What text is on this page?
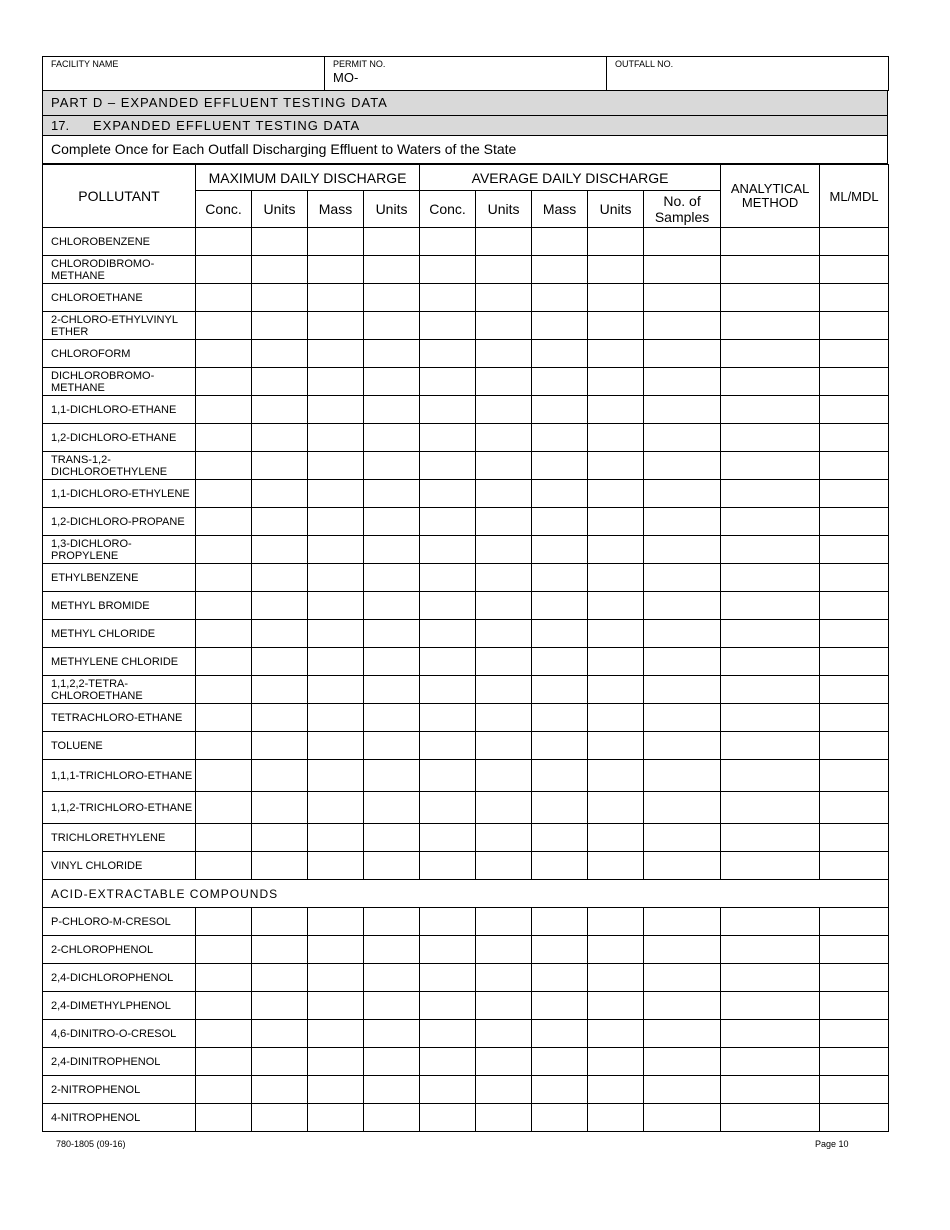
FACILITY NAME	PERMIT NO.
MO-

OUTFALL NO.
PART D – EXPANDED EFFLUENT TESTING DATA
17. EXPANDED EFFLUENT TESTING DATA
Complete Once for Each Outfall Discharging Effluent to Waters of the State
POLLUTANT	MAXIMUM DAILY DISCHARGE				AVERAGE DAILY DISCHARGE					ANALYTICAL METHOD	ML/MDL
	Conc.	Units	Mass	Units	Conc.	Units	Mass	Units	No. of Samples		
CHLOROBENZENE											
CHLORODIBROMO-METHANE											
CHLOROETHANE											
2-CHLORO-ETHYLVINYL ETHER											
CHLOROFORM											
DICHLOROBROMO-METHANE											
1,1-DICHLORO-ETHANE											
1,2-DICHLORO-ETHANE											
TRANS-1,2-DICHLOROETHYLENE											
1,1-DICHLORO-ETHYLENE											
1,2-DICHLORO-PROPANE											
1,3-DICHLORO-PROPYLENE											
ETHYLBENZENE											
METHYL BROMIDE											
METHYL CHLORIDE											
METHYLENE CHLORIDE											
1,1,2,2-TETRA-CHLOROETHANE											
TETRACHLORO-ETHANE											
TOLUENE											
1,1,1-TRICHLORO-ETHANE											
1,1,2-TRICHLORO-ETHANE											
TRICHLORETHYLENE											
VINYL CHLORIDE											
ACID-EXTRACTABLE COMPOUNDS											
P-CHLORO-M-CRESOL											
2-CHLOROPHENOL											
2,4-DICHLOROPHENOL											
2,4-DIMETHYLPHENOL											
4,6-DINITRO-O-CRESOL											
2,4-DINITROPHENOL											
2-NITROPHENOL											
4-NITROPHENOL											
780-1805 (09-16)	Page 10
